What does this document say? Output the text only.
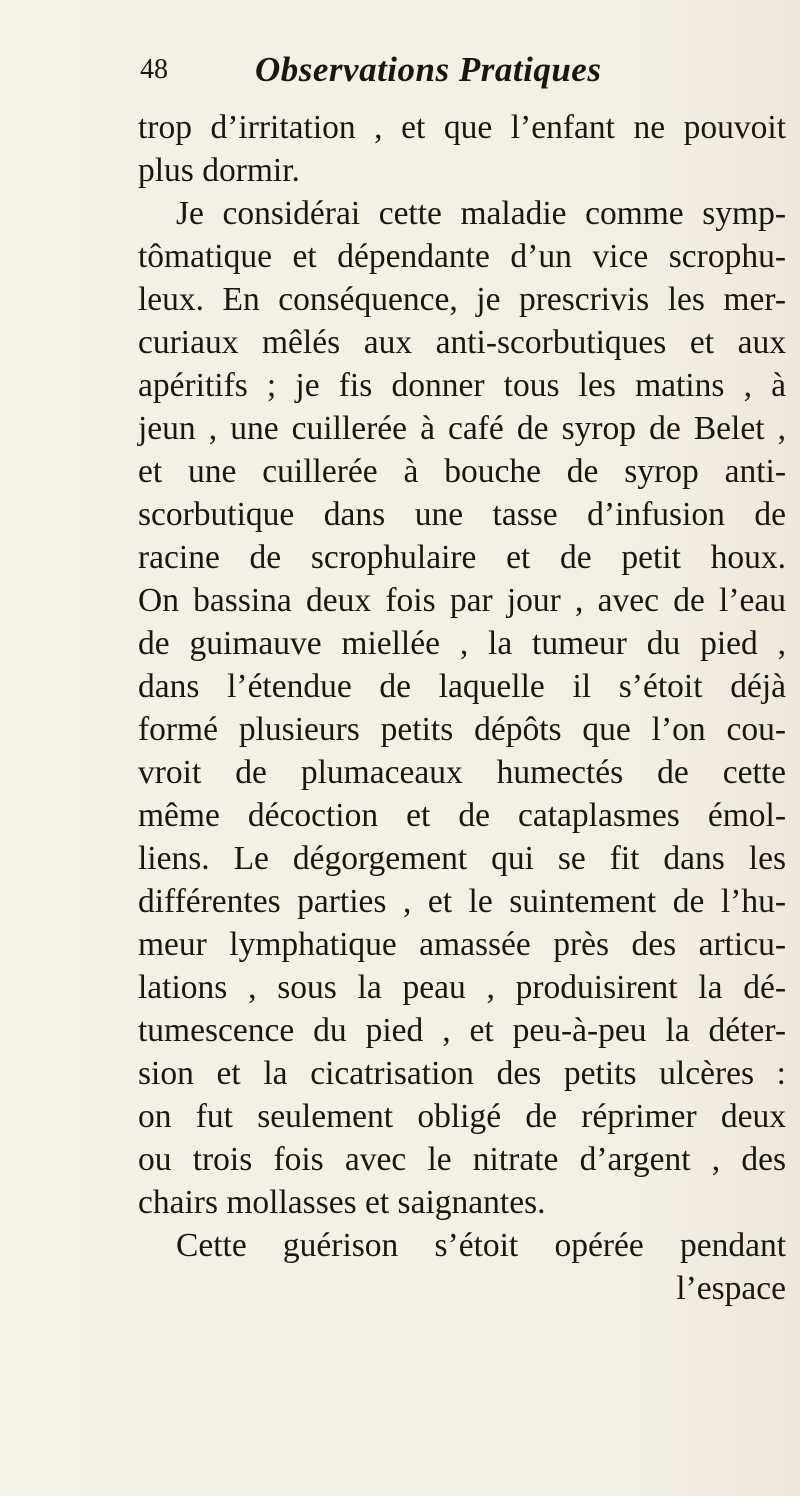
48 Observations Pratiques
trop d’irritation , et que l’enfant ne pouvoit
plus dormir.
Je considérai cette maladie comme symp-
tômatique et dépendante d’un vice scrophu-
leux. En conséquence, je prescrivis les mer-
curiaux mêlés aux anti-scorbutiques et aux
apéritifs ; je fis donner tous les matins , à
jeun , une cuillerée à café de syrop de Belet ,
et une cuillerée à bouche de syrop anti-
scorbutique dans une tasse d’infusion de
racine de scrophulaire et de petit houx.
On bassina deux fois par jour , avec de l’eau
de guimauve miellée , la tumeur du pied ,
dans l’étendue de laquelle il s’étoit déjà
formé plusieurs petits dépôts que l’on cou-
vroit de plumaceaux humectés de cette
même décoction et de cataplasmes émol-
liens. Le dégorgement qui se fit dans les
différentes parties , et le suintement de l’hu-
meur lymphatique amassée près des articu-
lations , sous la peau , produisirent la dé-
tumescence du pied , et peu-à-peu la déter-
sion et la cicatrisation des petits ulcères :
on fut seulement obligé de réprimer deux
ou trois fois avec le nitrate d’argent , des
chairs mollasses et saignantes.
Cette guérison s’étoit opérée pendant
l’espace
